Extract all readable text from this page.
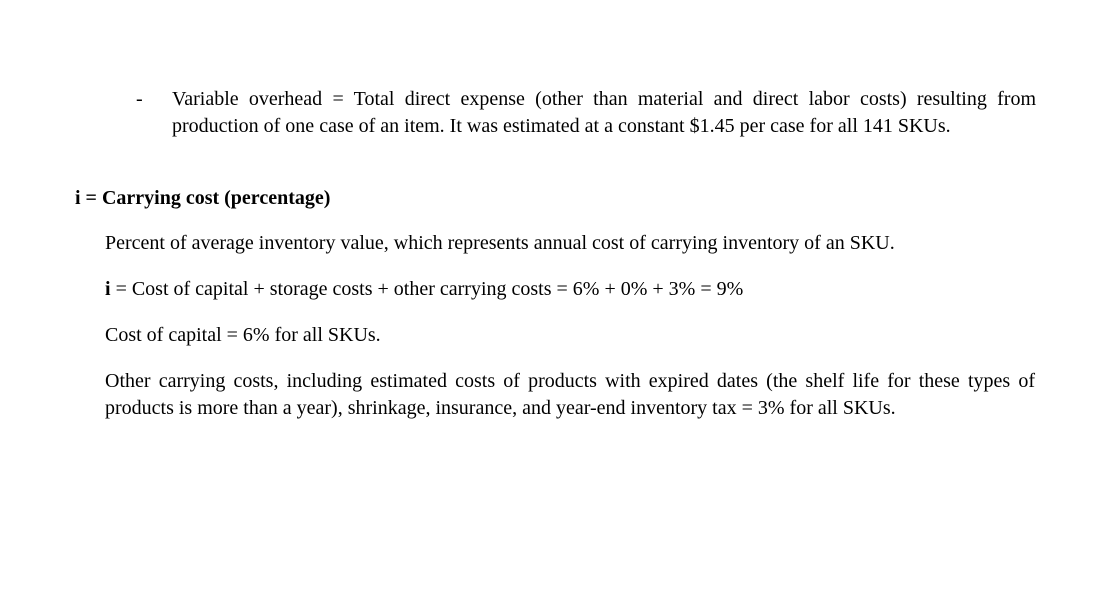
- Variable overhead = Total direct expense (other than material and direct labor costs) resulting from production of one case of an item. It was estimated at a constant $1.45 per case for all 141 SKUs.
i = Carrying cost (percentage)
Percent of average inventory value, which represents annual cost of carrying inventory of an SKU.
i = Cost of capital + storage costs + other carrying costs = 6% + 0% + 3% = 9%
Cost of capital = 6% for all SKUs.
Other carrying costs, including estimated costs of products with expired dates (the shelf life for these types of products is more than a year), shrinkage, insurance, and year-end inventory tax = 3% for all SKUs.
